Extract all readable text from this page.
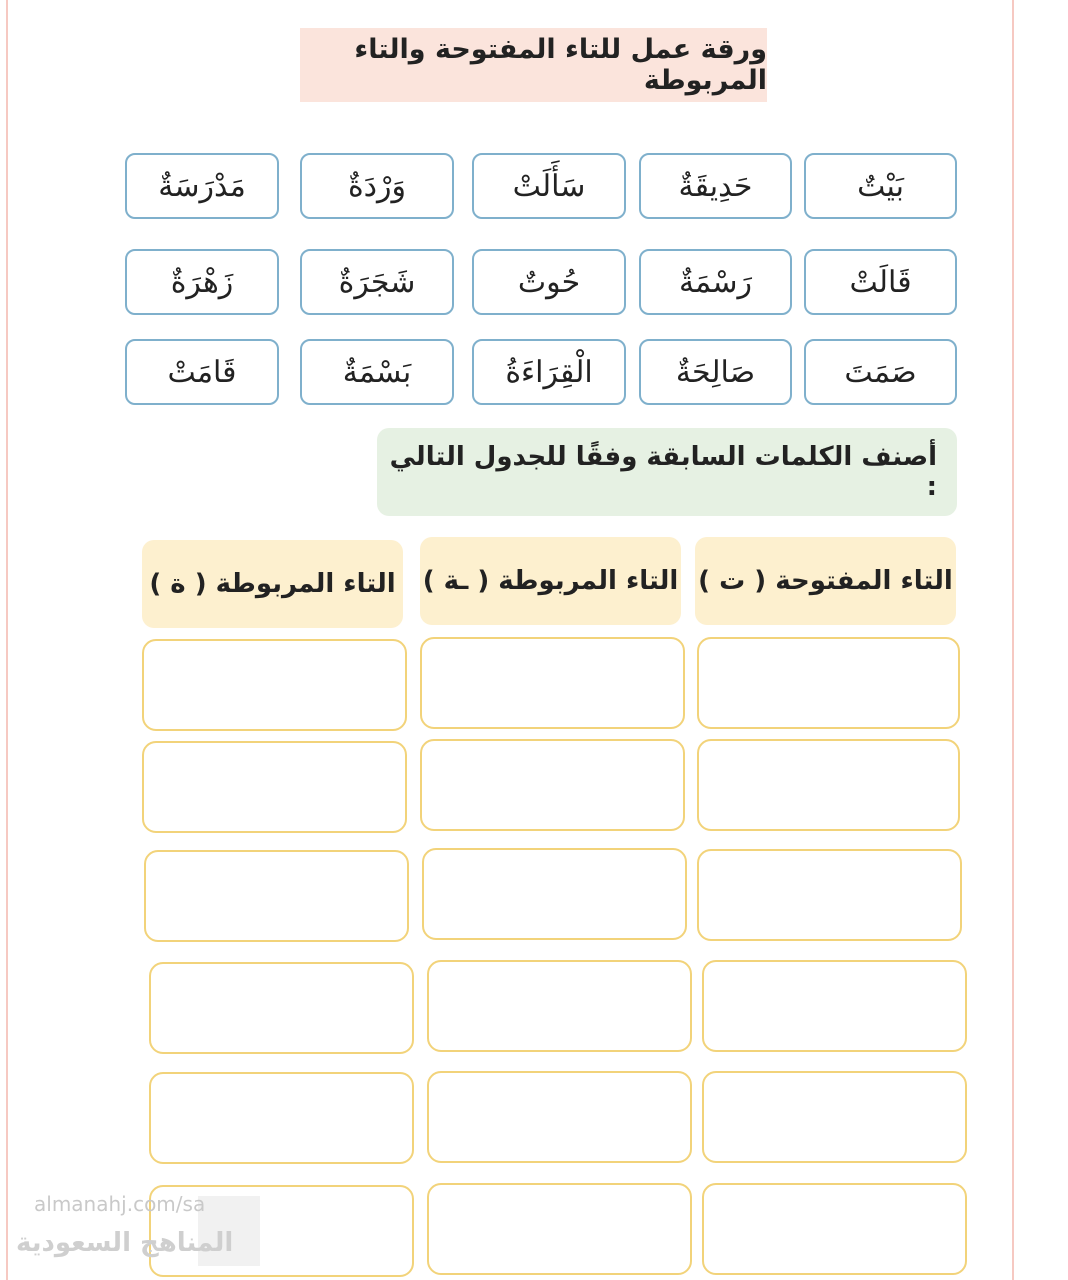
ورقة عمل للتاء المفتوحة والتاء المربوطة
بَيْتٌ
حَدِيقَةٌ
سَأَلَتْ
وَرْدَةٌ
مَدْرَسَةٌ
قَالَتْ
رَسْمَةٌ
حُوتٌ
شَجَرَةٌ
زَهْرَةٌ
صَمَتَ
صَالِحَةٌ
الْقِرَاءَةُ
بَسْمَةٌ
قَامَتْ
أصنف الكلمات السابقة وفقًا للجدول التالي :
التاء المفتوحة ( ت )
التاء المربوطة ( ـة )
التاء المربوطة ( ة )
almanahj.com/sa
المناهج السعودية
